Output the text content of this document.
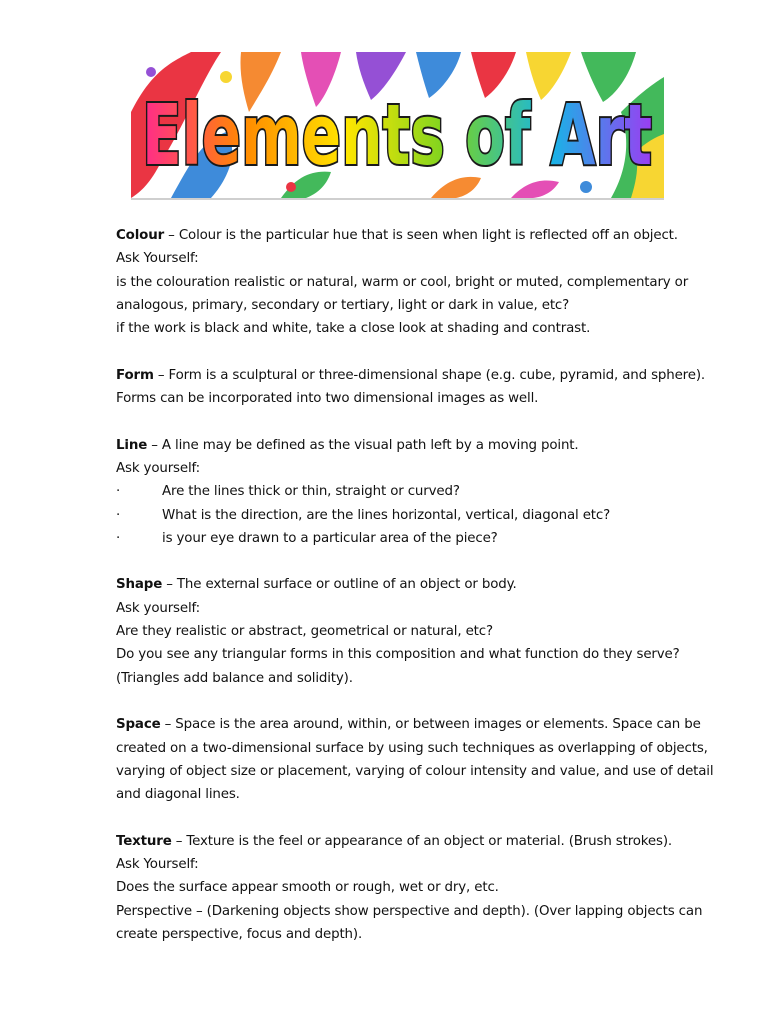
Elements of Art

Colour – Colour is the particular hue that is seen when light is reflected off an object.

Ask Yourself:

is the colouration realistic or natural, warm or cool, bright or muted, complementary or

analogous, primary, secondary or tertiary, light or dark in value, etc?

if the work is black and white, take a close look at shading and contrast.

Form – Form is a sculptural or three-dimensional shape (e.g. cube, pyramid, and sphere).

Forms can be incorporated into two dimensional images as well.

Line – A line may be defined as the visual path left by a moving point.

Ask yourself:

·	Are the lines thick or thin, straight or curved?

·	What is the direction, are the lines horizontal, vertical, diagonal etc?

·	is your eye drawn to a particular area of the piece?

Shape – The external surface or outline of an object or body.

Ask yourself:

Are they realistic or abstract, geometrical or natural, etc?

Do you see any triangular forms in this composition and what function do they serve?

(Triangles add balance and solidity).

Space – Space is the area around, within, or between images or elements. Space can be

created on a two-dimensional surface by using such techniques as overlapping of objects,

varying of object size or placement, varying of colour intensity and value, and use of detail

and diagonal lines.

Texture – Texture is the feel or appearance of an object or material. (Brush strokes).

Ask Yourself:

Does the surface appear smooth or rough, wet or dry, etc.

Perspective – (Darkening objects show perspective and depth). (Over lapping objects can

create perspective, focus and depth).
